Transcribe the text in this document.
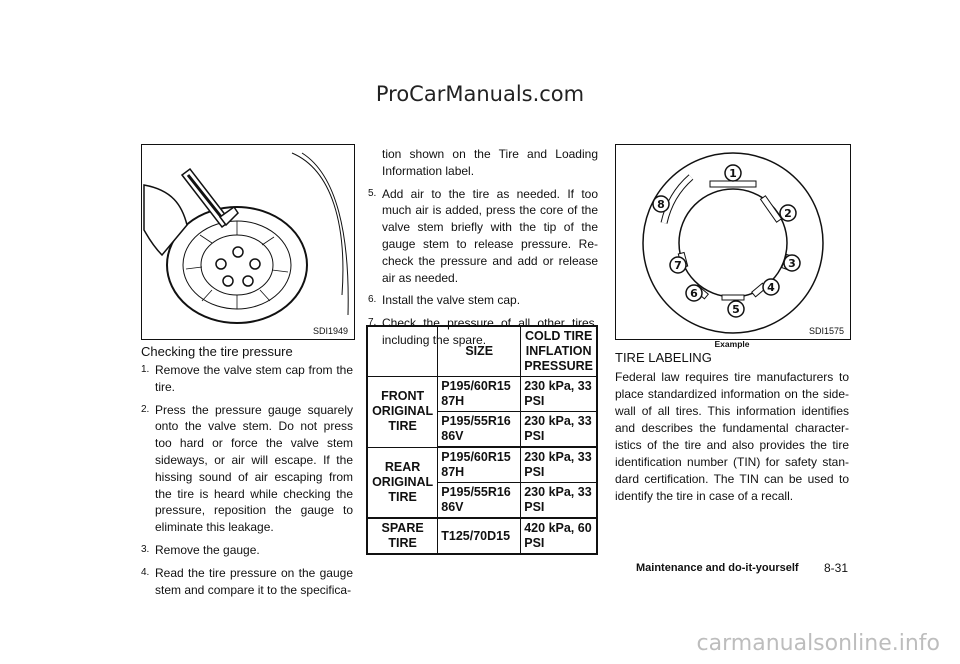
ProCarManuals.com
SDI1949
Checking the tire pressure
1. Remove the valve stem cap from the tire.
2. Press the pressure gauge squarely onto the valve stem. Do not press too hard or force the valve stem sideways, or air will escape. If the hissing sound of air escaping from the tire is heard while checking the pressure, reposition the gauge to eliminate this leakage.
3. Remove the gauge.
4. Read the tire pressure on the gauge stem and compare it to the specifica-
tion shown on the Tire and Loading Information label.
5. Add air to the tire as needed. If too much air is added, press the core of the valve stem briefly with the tip of the gauge stem to release pressure. Re-check the pressure and add or release air as needed.
6. Install the valve stem cap.
7. Check the pressure of all other tires, including the spare.
	SIZE	COLD TIRE INFLATION PRESSURE
FRONT ORIGINAL TIRE	P195/60R15 87H	230 kPa, 33 PSI
	P195/55R16 86V	230 kPa, 33 PSI
REAR ORIGINAL TIRE	P195/60R15 87H	230 kPa, 33 PSI
	P195/55R16 86V	230 kPa, 33 PSI
SPARE TIRE	T125/70D15	420 kPa, 60 PSI
1
2
3
4
5
6
7
8
SDI1575
Example
TIRE LABELING
Federal law requires tire manufacturers to place standardized information on the side-wall of all tires. This information identifies and describes the fundamental character-istics of the tire and also provides the tire identification number (TIN) for safety stan-dard certification. The TIN can be used to identify the tire in case of a recall.
Maintenance and do-it-yourself 8-31
carmanualsonline.info
